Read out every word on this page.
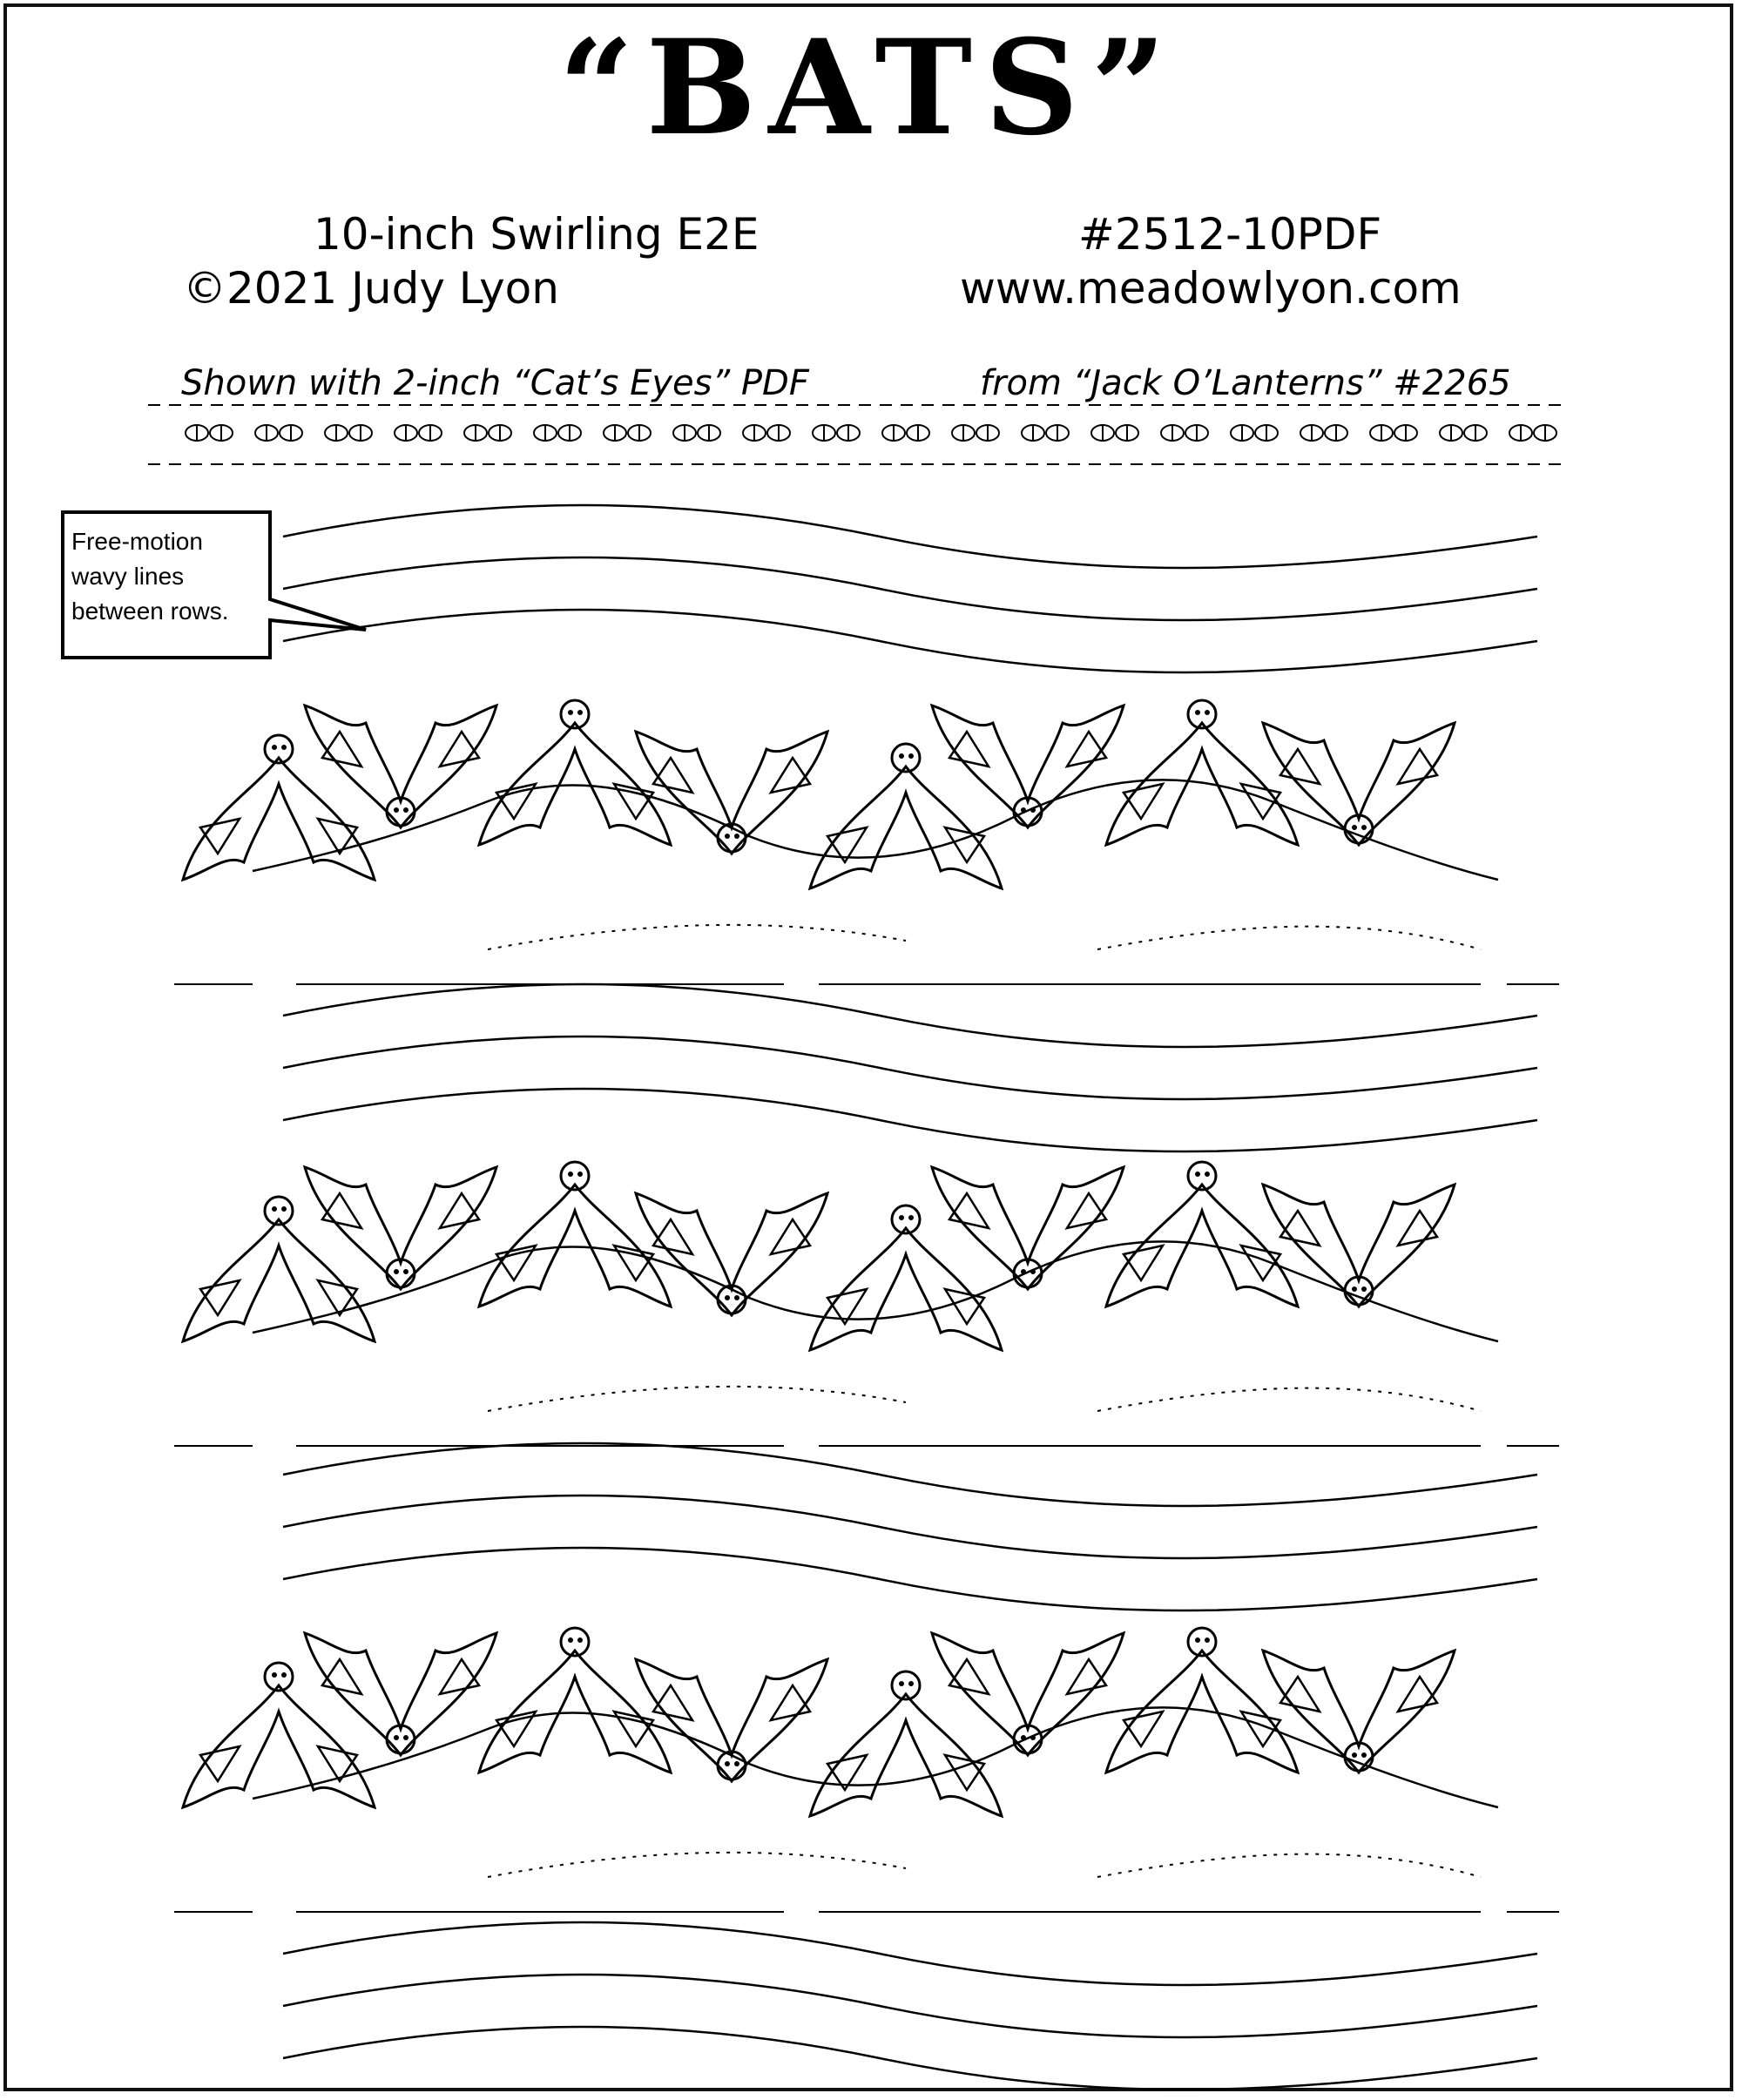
“BATS”
10-inch Swirling E2E	#2512-10PDF
©2021 Judy Lyon	www.meadowlyon.com
Shown with 2-inch “Cat’s Eyes” PDF	from “Jack O’Lanterns” #2265
Free-motion
wavy lines
between rows.
